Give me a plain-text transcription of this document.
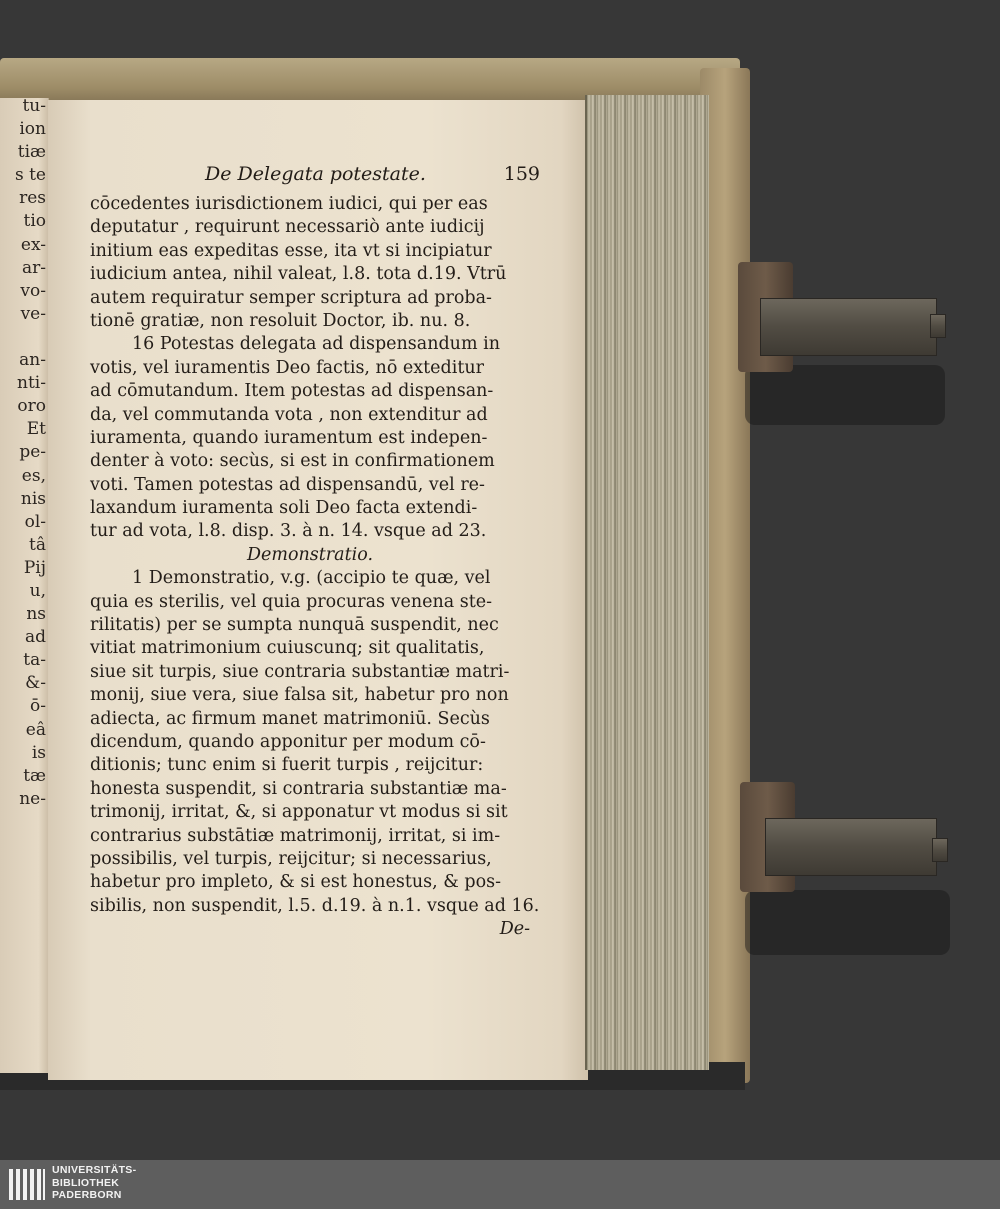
tu-
ion
tiæ
s te
res
tio
ex-
ar-
vo-
ve-
an-
nti-
oro
Et
pe-
es,
nis
ol-
tâ
Pij
u,
ns
ad
ta-
&-
ō-
eâ
is
tæ
ne-
De Delegata potestate.	159
cōcedentes iurisdictionem iudici, qui per eas
deputatur , requirunt necessariò ante iudicij
initium eas expeditas esse, ita vt si incipiatur
iudicium antea, nihil valeat, l.8. tota d.19. Vtrū
autem requiratur semper scriptura ad proba-
tionē gratiæ, non resoluit Doctor, ib. nu. 8.
16 Potestas delegata ad dispensandum in
votis, vel iuramentis Deo factis, nō exteditur
ad cōmutandum. Item potestas ad dispensan-
da, vel commutanda vota , non extenditur ad
iuramenta, quando iuramentum est indepen-
denter à voto: secùs, si est in confirmationem
voti. Tamen potestas ad dispensandū, vel re-
laxandum iuramenta soli Deo facta extendi-
tur ad vota, l.8. disp. 3. à n. 14. vsque ad 23.
Demonstratio.
1 Demonstratio, v.g. (accipio te quæ, vel
quia es sterilis, vel quia procuras venena ste-
rilitatis) per se sumpta nunquā suspendit, nec
vitiat matrimonium cuiuscunq; sit qualitatis,
siue sit turpis, siue contraria substantiæ matri-
monij, siue vera, siue falsa sit, habetur pro non
adiecta, ac firmum manet matrimoniū. Secùs
dicendum, quando apponitur per modum cō-
ditionis; tunc enim si fuerit turpis , reijcitur:
honesta suspendit, si contraria substantiæ ma-
trimonij, irritat, &, si apponatur vt modus si sit
contrarius substātiæ matrimonij, irritat, si im-
possibilis, vel turpis, reijcitur; si necessarius,
habetur pro impleto, & si est honestus, & pos-
sibilis, non suspendit, l.5. d.19. à n.1. vsque ad 16.
De-
UNIVERSITÄTS-
BIBLIOTHEK
PADERBORN
